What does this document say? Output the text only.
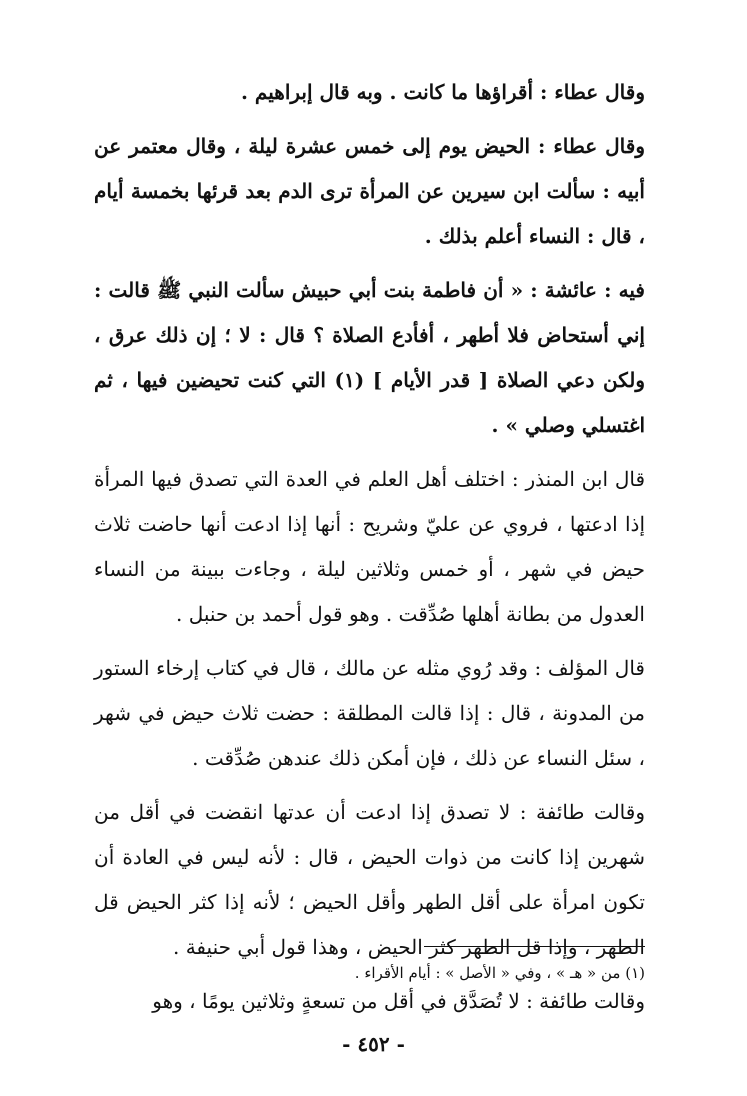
وقال عطاء : أقراؤها ما كانت . وبه قال إبراهيم .

وقال عطاء : الحيض يوم إلى خمس عشرة ليلة ، وقال معتمر عن أبيه : سألت ابن سيرين عن المرأة ترى الدم بعد قرئها بخمسة أيام ، قال : النساء أعلم بذلك .

فيه : عائشة : « أن فاطمة بنت أبي حبيش سألت النبي ﷺ قالت : إني أستحاض فلا أطهر ، أفأدع الصلاة ؟ قال : لا ؛ إن ذلك عرق ، ولكن دعي الصلاة [ قدر الأيام ] (١) التي كنت تحيضين فيها ، ثم اغتسلي وصلي » .

قال ابن المنذر : اختلف أهل العلم في العدة التي تصدق فيها المرأة إذا ادعتها ، فروي عن عليّ وشريح : أنها إذا ادعت أنها حاضت ثلاث حيض في شهر ، أو خمس وثلاثين ليلة ، وجاءت ببينة من النساء العدول من بطانة أهلها صُدِّقت . وهو قول أحمد بن حنبل .

قال المؤلف : وقد رُوي مثله عن مالك ، قال في كتاب إرخاء الستور من المدونة ، قال : إذا قالت المطلقة : حضت ثلاث حيض في شهر ، سئل النساء عن ذلك ، فإن أمكن ذلك عندهن صُدِّقت .

وقالت طائفة : لا تصدق إذا ادعت أن عدتها انقضت في أقل من شهرين إذا كانت من ذوات الحيض ، قال : لأنه ليس في العادة أن تكون امرأة على أقل الطهر وأقل الحيض ؛ لأنه إذا كثر الحيض قل الطهر ، وإذا قل الطهر كثر الحيض ، وهذا قول أبي حنيفة .

وقالت طائفة : لا تُصَدَّق في أقل من تسعةٍ وثلاثين يومًا ، وهو

(١) من « هـ » ، وفي « الأصل » : أيام الأقراء .
- ٤٥٢ -
